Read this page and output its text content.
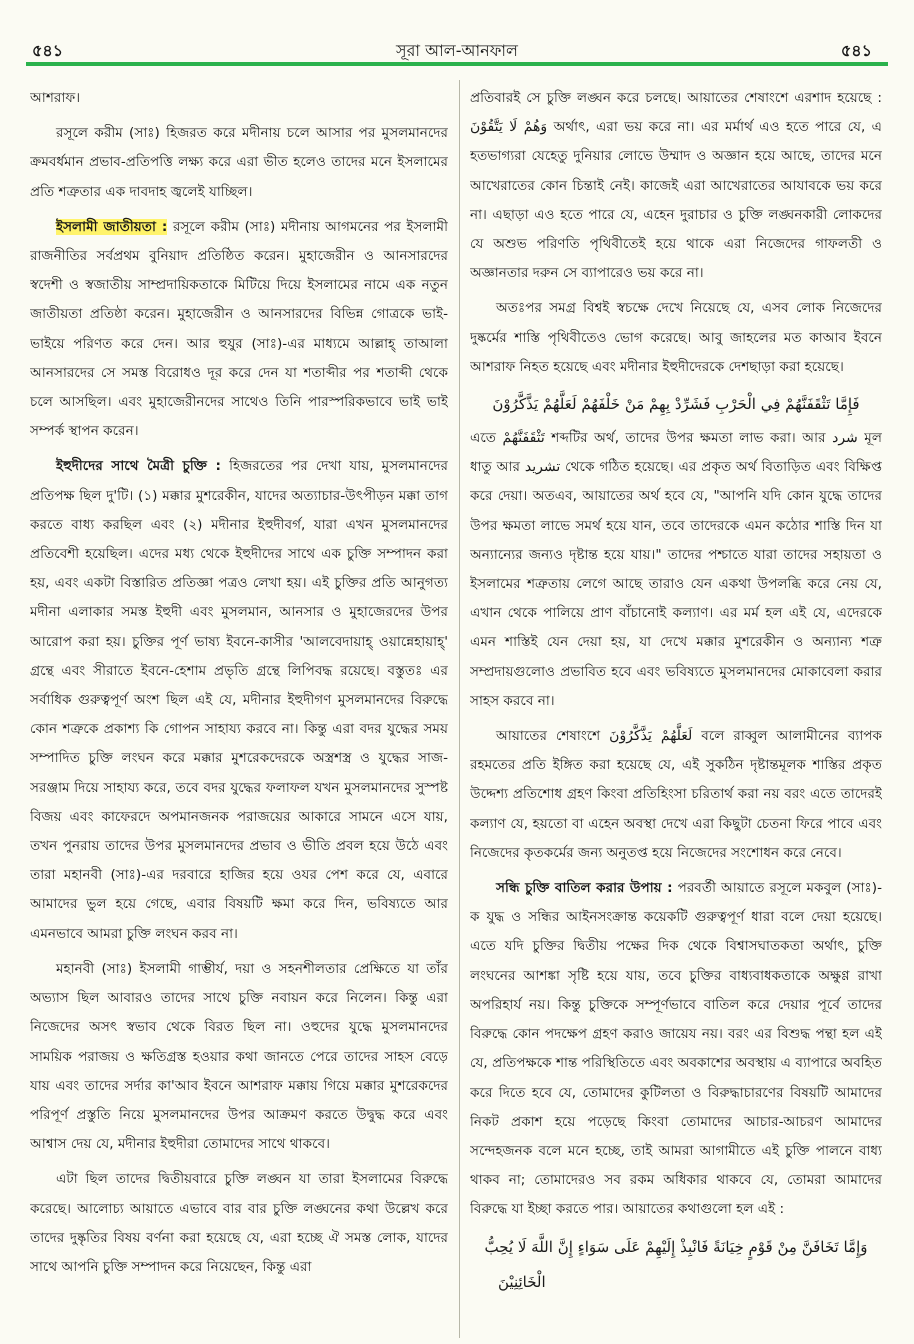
৫৪১	সূরা আল-আনফাল	৫৪১

আশরাফ।

রসূলে করীম (সাঃ) হিজরত করে মদীনায় চলে আসার পর মুসলমানদের ক্রমবর্ধমান প্রভাব-প্রতিপত্তি লক্ষ্য করে এরা ভীত হলেও তাদের মনে ইসলামের প্রতি শত্রুতার এক দাবদাহ জ্বলেই যাচ্ছিল।

ইসলামী জাতীয়তা : রসূলে করীম (সাঃ) মদীনায় আগমনের পর ইসলামী রাজনীতির সর্বপ্রথম বুনিয়াদ প্রতিষ্ঠিত করেন। মুহাজেরীন ও আনসারদের স্বদেশী ও স্বজাতীয় সাম্প্রদায়িকতাকে মিটিয়ে দিয়ে ইসলামের নামে এক নতুন জাতীয়তা প্রতিষ্ঠা করেন। মুহাজেরীন ও আনসারদের বিভিন্ন গোত্রকে ভাই-ভাইয়ে পরিণত করে দেন। আর হুযুর (সাঃ)-এর মাধ্যমে আল্লাহ্ তাআলা আনসারদের সে সমস্ত বিরোধও দূর করে দেন যা শতাব্দীর পর শতাব্দী থেকে চলে আসছিল। এবং মুহাজেরীনদের সাথেও তিনি পারস্পরিকভাবে ভাই ভাই সম্পর্ক স্থাপন করেন।

ইহুদীদের সাথে মৈত্রী চুক্তি : হিজরতের পর দেখা যায়, মুসলমানদের প্রতিপক্ষ ছিল দু'টি। (১) মক্কার মুশরেকীন, যাদের অত্যাচার-উৎপীড়ন মক্কা তাগ করতে বাধ্য করছিল এবং (২) মদীনার ইহুদীবর্গ, যারা এখন মুসলমানদের প্রতিবেশী হয়েছিল। এদের মধ্য থেকে ইহুদীদের সাথে এক চুক্তি সম্পাদন করা হয়, এবং একটা বিস্তারিত প্রতিজ্ঞা পত্রও লেখা হয়। এই চুক্তির প্রতি আনুগত্য মদীনা এলাকার সমস্ত ইহুদী এবং মুসলমান, আনসার ও মুহাজেরদের উপর আরোপ করা হয়। চুক্তির পূর্ণ ভাষ্য ইবনে-কাসীর 'আলবেদায়াহ্ ওয়ান্নেহায়াহ্' গ্রন্থে এবং সীরাতে ইবনে-হেশাম প্রভৃতি গ্রন্থে লিপিবদ্ধ রয়েছে। বস্তুতঃ এর সর্বাধিক গুরুত্বপূর্ণ অংশ ছিল এই যে, মদীনার ইহুদীগণ মুসলমানদের বিরুদ্ধে কোন শত্রুকে প্রকাশ্য কি গোপন সাহায্য করবে না। কিন্তু এরা বদর যুদ্ধের সময় সম্পাদিত চুক্তি লংঘন করে মক্কার মুশরেকদেরকে অস্ত্রশস্ত্র ও যুদ্ধের সাজ-সরঞ্জাম দিয়ে সাহায্য করে, তবে বদর যুদ্ধের ফলাফল যখন মুসলমানদের সুস্পষ্ট বিজয় এবং কাফেরদে অপমানজনক পরাজয়ের আকারে সামনে এসে যায়, তখন পুনরায় তাদের উপর মুসলমানদের প্রভাব ও ভীতি প্রবল হয়ে উঠে এবং তারা মহানবী (সাঃ)-এর দরবারে হাজির হয়ে ওযর পেশ করে যে, এবারে আমাদের ভুল হয়ে গেছে, এবার বিষয়টি ক্ষমা করে দিন, ভবিষ্যতে আর এমনভাবে আমরা চুক্তি লংঘন করব না।

মহানবী (সাঃ) ইসলামী গাম্ভীর্য, দয়া ও সহনশীলতার প্রেক্ষিতে যা তাঁর অভ্যাস ছিল আবারও তাদের সাথে চুক্তি নবায়ন করে নিলেন। কিন্তু এরা নিজেদের অসৎ স্বভাব থেকে বিরত ছিল না। ওহুদের যুদ্ধে মুসলমানদের সাময়িক পরাজয় ও ক্ষতিগ্রস্ত হওয়ার কথা জানতে পেরে তাদের সাহস বেড়ে যায় এবং তাদের সর্দার কা'আব ইবনে আশরাফ মক্কায় গিয়ে মক্কার মুশরেকদের পরিপূর্ণ প্রস্তুতি নিয়ে মুসলমানদের উপর আক্রমণ করতে উদ্বুদ্ধ করে এবং আশ্বাস দেয় যে, মদীনার ইহুদীরা তোমাদের সাথে থাকবে।

এটা ছিল তাদের দ্বিতীয়বারে চুক্তি লঙ্ঘন যা তারা ইসলামের বিরুদ্ধে করেছে। আলোচ্য আয়াতে এভাবে বার বার চুক্তি লঙ্ঘনের কথা উল্লেখ করে তাদের দুষ্কৃতির বিষয় বর্ণনা করা হয়েছে যে, এরা হচ্ছে ঐ সমস্ত লোক, যাদের সাথে আপনি চুক্তি সম্পাদন করে নিয়েছেন, কিন্তু এরা

প্রতিবারই সে চুক্তি লঙ্ঘন করে চলছে। আয়াতের শেষাংশে এরশাদ হয়েছে : وَهُمْ لَا يَتَّقُوْنَ অর্থাৎ, এরা ভয় করে না। এর মর্মার্থ এও হতে পারে যে, এ হতভাগ্যরা যেহেতু দুনিয়ার লোভে উম্মাদ ও অজ্ঞান হয়ে আছে, তাদের মনে আখেরাতের কোন চিন্তাই নেই। কাজেই এরা আখেরাতের আযাবকে ভয় করে না। এছাড়া এও হতে পারে যে, এহেন দুরাচার ও চুক্তি লঙ্ঘনকারী লোকদের যে অশুভ পরিণতি পৃথিবীতেই হয়ে থাকে এরা নিজেদের গাফলতী ও অজ্ঞানতার দরুন সে ব্যাপারেও ভয় করে না।

অতঃপর সমগ্র বিশ্বই স্বচক্ষে দেখে নিয়েছে যে, এসব লোক নিজেদের দুষ্কর্মের শাস্তি পৃথিবীতেও ভোগ করেছে। আবু জাহলের মত কাআব ইবনে আশরাফ নিহত হয়েছে এবং মদীনার ইহুদীদেরকে দেশছাড়া করা হয়েছে।

فَإِمَّا تَثْقَفَنَّهُمْ فِي الْحَرْبِ فَشَرِّدْ بِهِمْ مَنْ خَلْفَهُمْ لَعَلَّهُمْ يَذَّكَّرُوْنَ

এতে تَثْقَفَنَّهُمْ শব্দটির অর্থ, তাদের উপর ক্ষমতা লাভ করা। আর شرد মূল ধাতু আর تشريد থেকে গঠিত হয়েছে। এর প্রকৃত অর্থ বিতাড়িত এবং বিক্ষিপ্ত করে দেয়া। অতএব, আয়াতের অর্থ হবে যে, "আপনি যদি কোন যুদ্ধে তাদের উপর ক্ষমতা লাভে সমর্থ হয়ে যান, তবে তাদেরকে এমন কঠোর শাস্তি দিন যা অন্যান্যের জন্যও দৃষ্টান্ত হয়ে যায়।" তাদের পশ্চাতে যারা তাদের সহায়তা ও ইসলামের শত্রুতায় লেগে আছে তারাও যেন একথা উপলব্ধি করে নেয় যে, এখান থেকে পালিয়ে প্রাণ বাঁচানোই কল্যাণ। এর মর্ম হল এই যে, এদেরকে এমন শাস্তিই যেন দেয়া হয়, যা দেখে মক্কার মুশরেকীন ও অন্যান্য শত্রু সম্প্রদায়গুলোও প্রভাবিত হবে এবং ভবিষ্যতে মুসলমানদের মোকাবেলা করার সাহস করবে না।

আয়াতের শেষাংশে لَعَلَّهُمْ يَذَّكَّرُوْنَ বলে রাব্বুল আলামীনের ব্যাপক রহমতের প্রতি ইঙ্গিত করা হয়েছে যে, এই সুকঠিন দৃষ্টান্তমূলক শাস্তির প্রকৃত উদ্দেশ্য প্রতিশোধ গ্রহণ কিংবা প্রতিহিংসা চরিতার্থ করা নয় বরং এতে তাদেরই কল্যাণ যে, হয়তো বা এহেন অবস্থা দেখে এরা কিছুটা চেতনা ফিরে পাবে এবং নিজেদের কৃতকর্মের জন্য অনুতপ্ত হয়ে নিজেদের সংশোধন করে নেবে।

সন্ধি চুক্তি বাতিল করার উপায় : পরবর্তী আয়াতে রসূলে মকবুল (সাঃ)-ক যুদ্ধ ও সন্ধির আইনসংক্রান্ত কয়েকটি গুরুত্বপূর্ণ ধারা বলে দেয়া হয়েছে। এতে যদি চুক্তির দ্বিতীয় পক্ষের দিক থেকে বিশ্বাসঘাতকতা অর্থাৎ, চুক্তি লংঘনের আশঙ্কা সৃষ্টি হয়ে যায়, তবে চুক্তির বাধ্যবাধকতাকে অক্ষুণ্ণ রাখা অপরিহার্য নয়। কিন্তু চুক্তিকে সম্পূর্ণভাবে বাতিল করে দেয়ার পূর্বে তাদের বিরুদ্ধে কোন পদক্ষেপ গ্রহণ করাও জায়েয নয়। বরং এর বিশুদ্ধ পন্থা হল এই যে, প্রতিপক্ষকে শান্ত পরিস্থিতিতে এবং অবকাশের অবস্থায় এ ব্যাপারে অবহিত করে দিতে হবে যে, তোমাদের কুটিলতা ও বিরুদ্ধাচারণের বিষয়টি আমাদের নিকট প্রকাশ হয়ে পড়েছে কিংবা তোমাদের আচার-আচরণ আমাদের সন্দেহজনক বলে মনে হচ্ছে, তাই আমরা আগামীতে এই চুক্তি পালনে বাধ্য থাকব না; তোমাদেরও সব রকম অধিকার থাকবে যে, তোমরা আমাদের বিরুদ্ধে যা ইচ্ছা করতে পার। আয়াতের কথাগুলো হল এই :

وَإِمَّا تَخَافَنَّ مِنْ قَوْمٍ خِيَانَةً فَانْبِذْ إِلَيْهِمْ عَلَى سَوَاءٍ إِنَّ اللَّهَ لَا يُحِبُّ
الْخَائِنِيْنَ
